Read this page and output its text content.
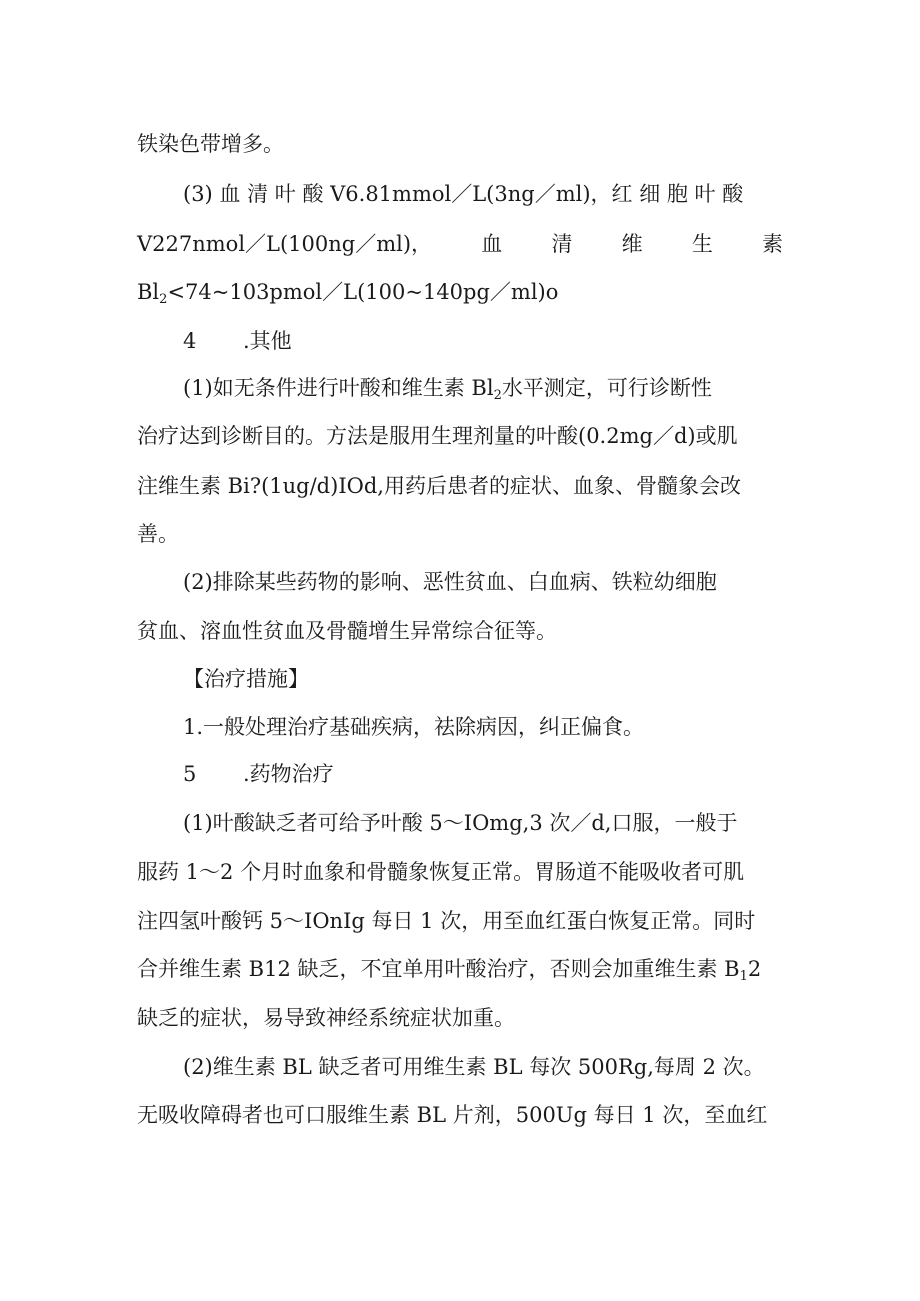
铁染色带增多。
(3) 血 清 叶 酸 V6.81mmol／L(3ng／ml)，红 细 胞 叶 酸
V227nmol／L(100ng／ml)， 血 清 维 生 素
$Bl_2<74\sim 103pmol/L(100\sim 140pg/ml)o$
4 .其他
(1)如无条件进行叶酸和维生素 $Bl_2$水平测定，可行诊断性
治疗达到诊断目的。方法是服用生理剂量的叶酸(0.2mg／d)或肌
注维生素 Bi?(1ug/d)IOd,用药后患者的症状、血象、骨髓象会改
善。
(2)排除某些药物的影响、恶性贫血、白血病、铁粒幼细胞
贫血、溶血性贫血及骨髓增生异常综合征等。
【治疗措施】
1.一般处理治疗基础疾病，祛除病因，纠正偏食。
5 .药物治疗
(1)叶酸缺乏者可给予叶酸 5～IOmg,3 次／d,口服，一般于
服药 1～2 个月时血象和骨髓象恢复正常。胃肠道不能吸收者可肌
注四氢叶酸钙 5～IOnIg 每日 1 次，用至血红蛋白恢复正常。同时
合并维生素 B12 缺乏，不宜单用叶酸治疗，否则会加重维生素 $B_12$
缺乏的症状，易导致神经系统症状加重。
(2)维生素 BL 缺乏者可用维生素 BL 每次 500Rg,每周 2 次。
无吸收障碍者也可口服维生素 BL 片剂，500Ug 每日 1 次，至血红
